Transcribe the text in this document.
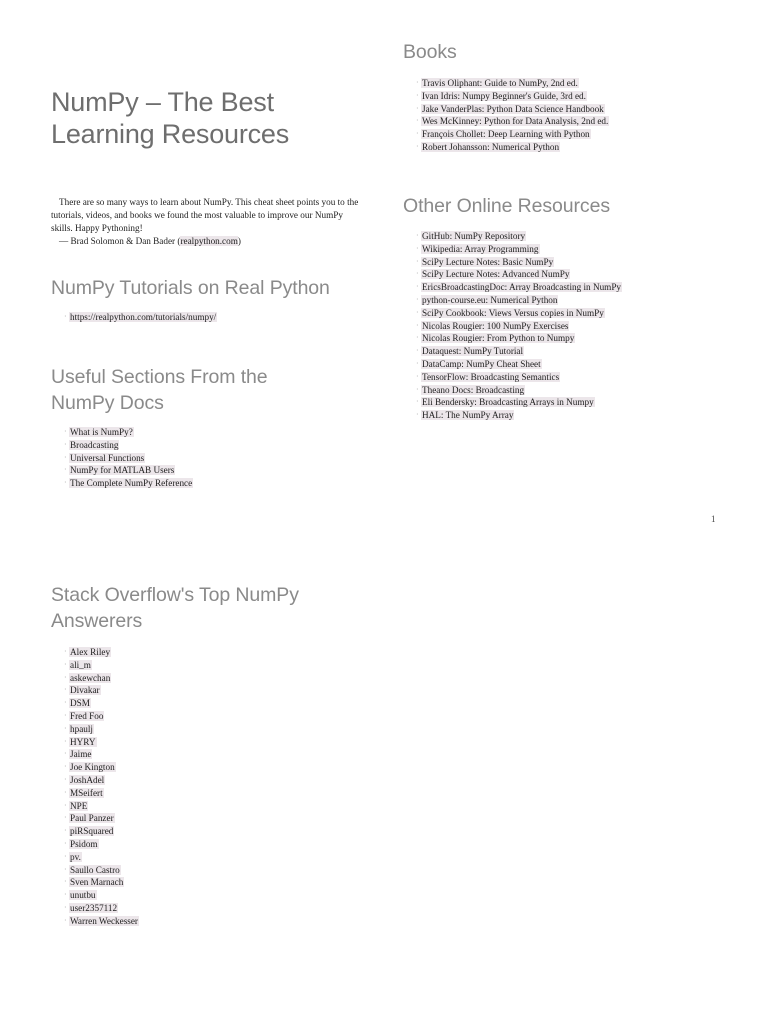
NumPy – The Best Learning Resources

There are so many ways to learn about NumPy. This cheat sheet points you to the tutorials, videos, and books we found the most valuable to improve our NumPy skills. Happy Pythoning!

— Brad Solomon & Dan Bader (realpython.com)

NumPy Tutorials on Real Python
· https://realpython.com/tutorials/numpy/
Useful Sections From the
NumPy Docs
· What is NumPy?
· Broadcasting
· Universal Functions
· NumPy for MATLAB Users
· The Complete NumPy Reference
Books
· Travis Oliphant: Guide to NumPy, 2nd ed.
· Ivan Idris: Numpy Beginner's Guide, 3rd ed.
· Jake VanderPlas: Python Data Science Handbook
· Wes McKinney: Python for Data Analysis, 2nd ed.
· François Chollet: Deep Learning with Python
· Robert Johansson: Numerical Python
Other Online Resources
· GitHub: NumPy Repository
· Wikipedia: Array Programming
· SciPy Lecture Notes: Basic NumPy
· SciPy Lecture Notes: Advanced NumPy
· EricsBroadcastingDoc: Array Broadcasting in NumPy
· python-course.eu: Numerical Python
· SciPy Cookbook: Views Versus copies in NumPy
· Nicolas Rougier: 100 NumPy Exercises
· Nicolas Rougier: From Python to Numpy
· Dataquest: NumPy Tutorial
· DataCamp: NumPy Cheat Sheet
· TensorFlow: Broadcasting Semantics
· Theano Docs: Broadcasting
· Eli Bendersky: Broadcasting Arrays in Numpy
· HAL: The NumPy Array
1
Stack Overflow's Top NumPy
Answerers
· Alex Riley
· ali_m
· askewchan
· Divakar
· DSM
· Fred Foo
· hpaulj
· HYRY
· Jaime
· Joe Kington
· JoshAdel
· MSeifert
· NPE
· Paul Panzer
· piRSquared
· Psidom
· pv.
· Saullo Castro
· Sven Marnach
· unutbu
· user2357112
· Warren Weckesser
